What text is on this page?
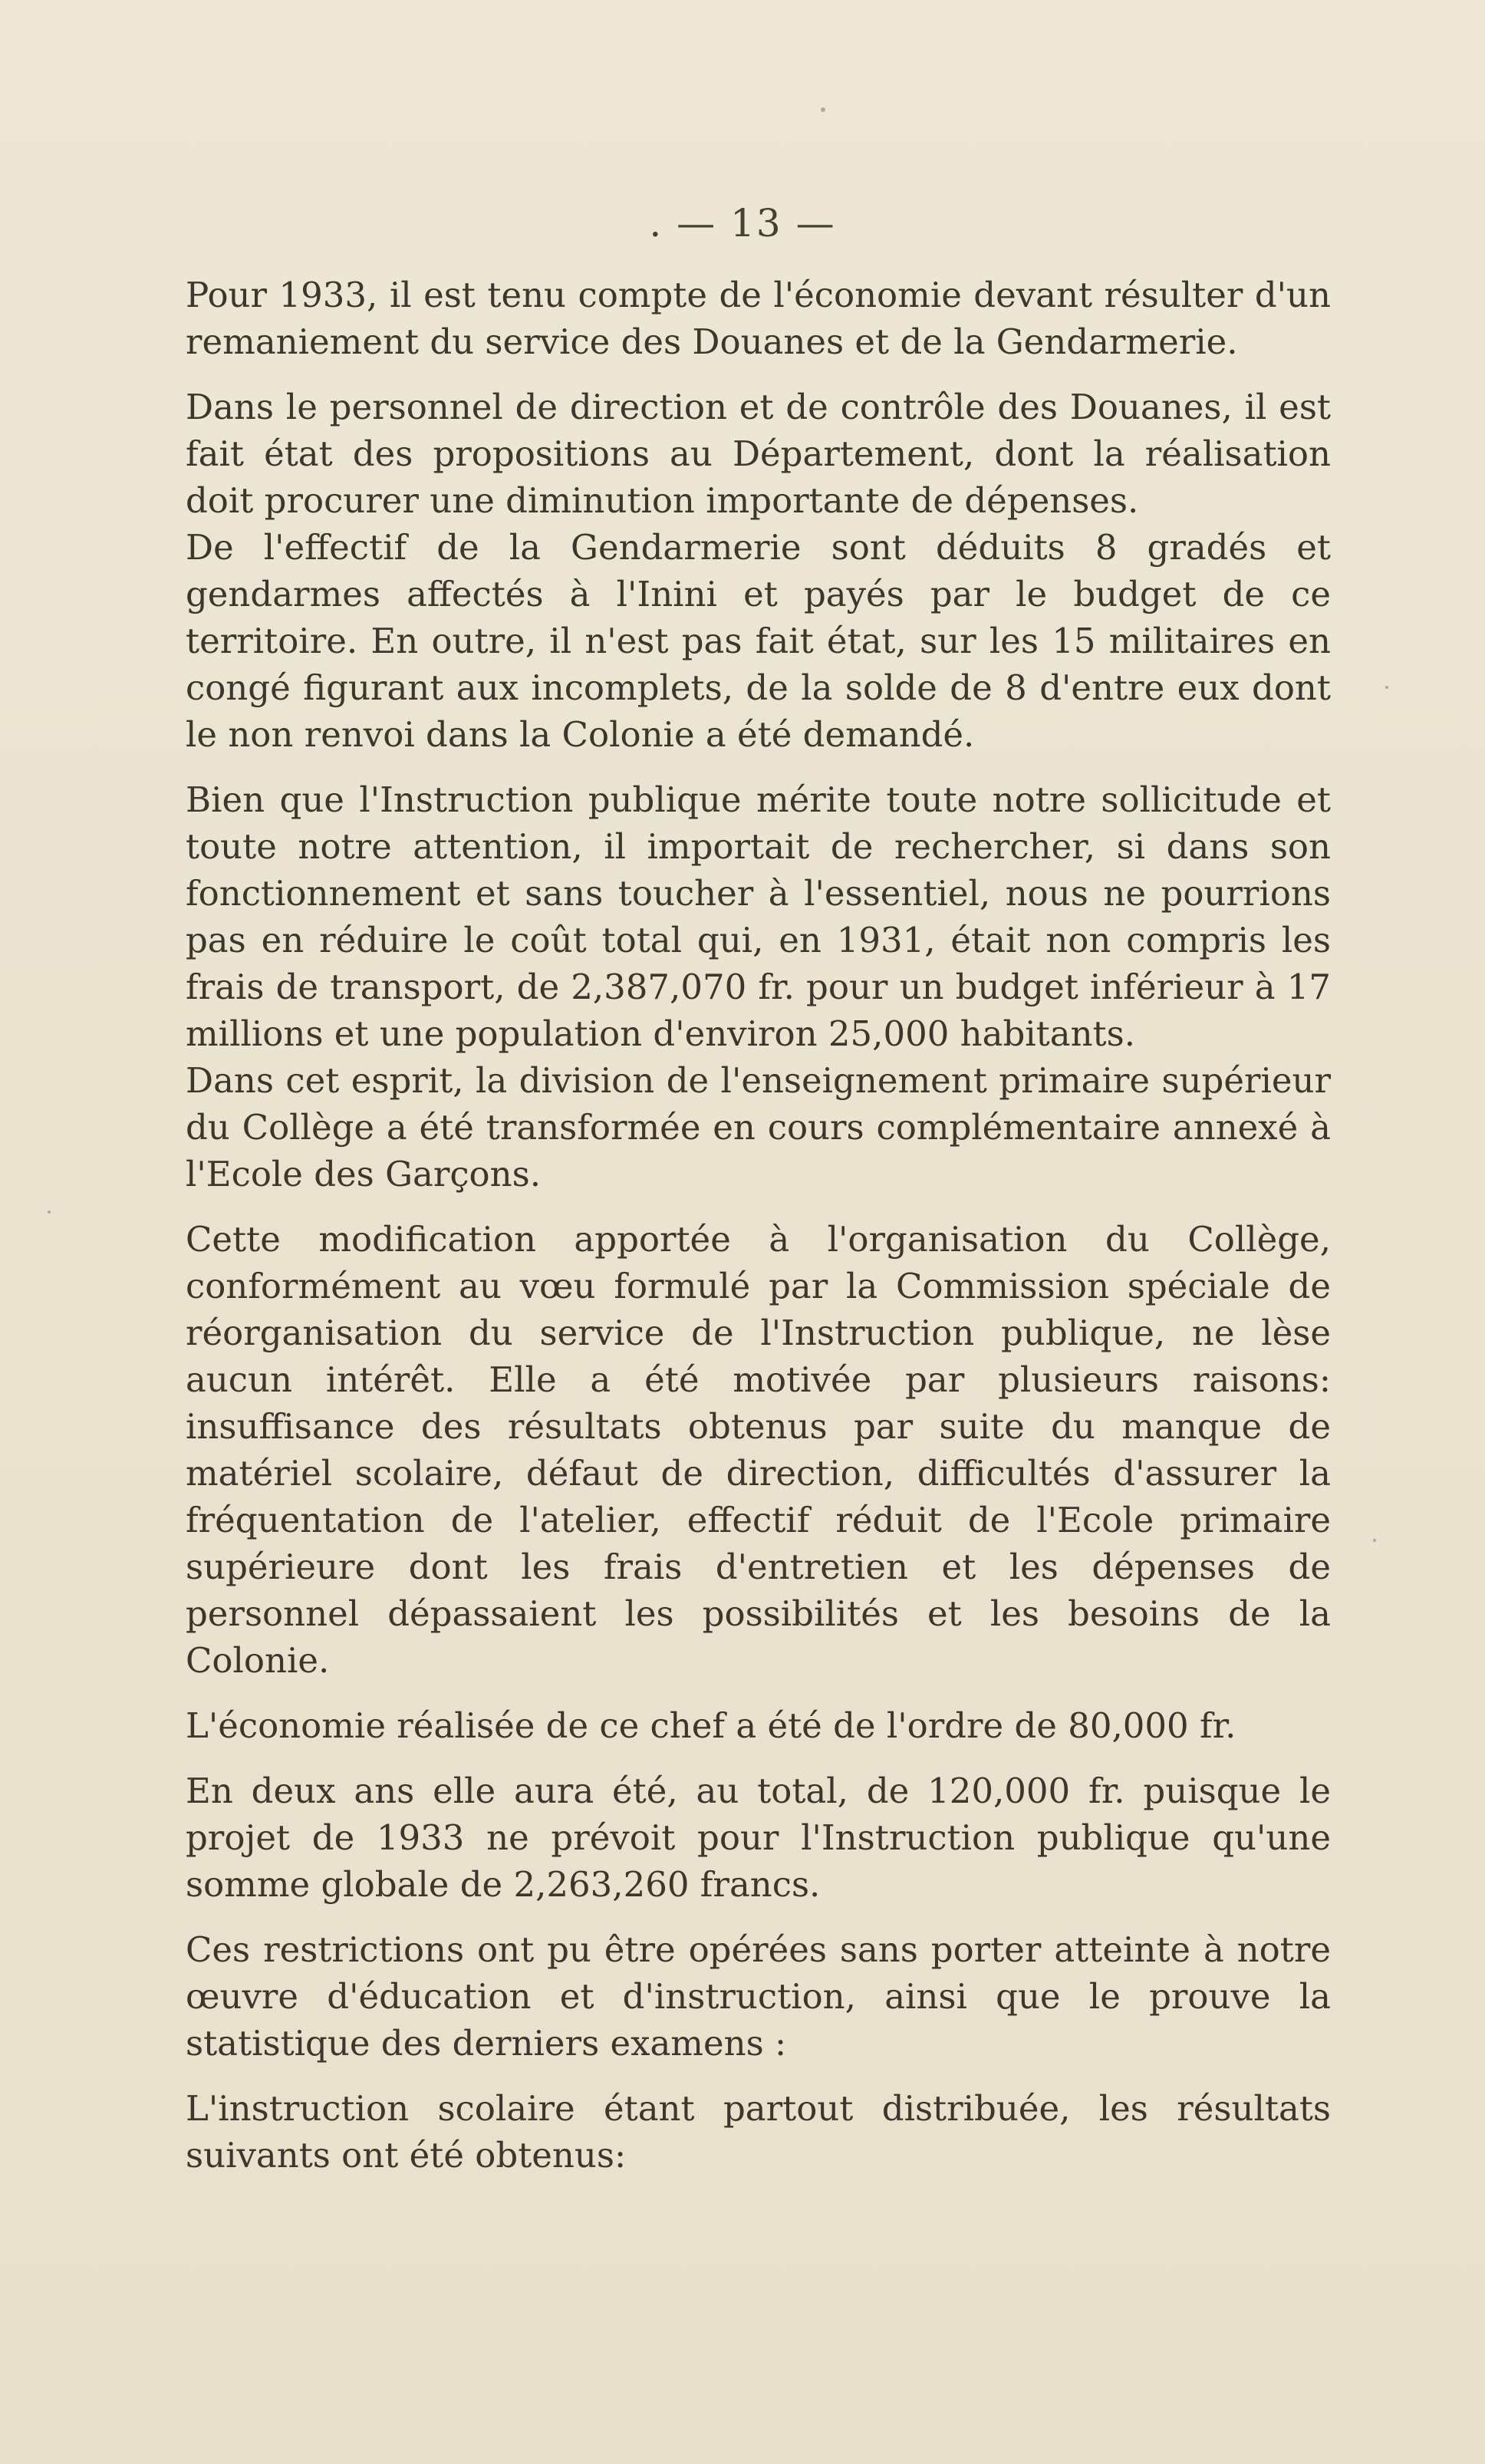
. — 13 —

Pour 1933, il est tenu compte de l'économie devant résulter d'un remaniement du service des Douanes et de la Gendarmerie.

Dans le personnel de direction et de contrôle des Douanes, il est fait état des propositions au Département, dont la réalisation doit procurer une diminution importante de dépenses.

De l'effectif de la Gendarmerie sont déduits 8 gradés et gendarmes affectés à l'Inini et payés par le budget de ce territoire. En outre, il n'est pas fait état, sur les 15 militaires en congé figurant aux incomplets, de la solde de 8 d'entre eux dont le non renvoi dans la Colonie a été demandé.

Bien que l'Instruction publique mérite toute notre sollicitude et toute notre attention, il importait de rechercher, si dans son fonctionnement et sans toucher à l'essentiel, nous ne pourrions pas en réduire le coût total qui, en 1931, était non compris les frais de transport, de 2,387,070 fr. pour un budget inférieur à 17 millions et une population d'environ 25,000 habitants.

Dans cet esprit, la division de l'enseignement primaire supérieur du Collège a été transformée en cours complémentaire annexé à l'Ecole des Garçons.

Cette modification apportée à l'organisation du Collège, conformément au vœu formulé par la Commission spéciale de réorganisation du service de l'Instruction publique, ne lèse aucun intérêt. Elle a été motivée par plusieurs raisons: insuffisance des résultats obtenus par suite du manque de matériel scolaire, défaut de direction, difficultés d'assurer la fréquentation de l'atelier, effectif réduit de l'Ecole primaire supérieure dont les frais d'entretien et les dépenses de personnel dépassaient les possibilités et les besoins de la Colonie.

L'économie réalisée de ce chef a été de l'ordre de 80,000 fr.

En deux ans elle aura été, au total, de 120,000 fr. puisque le projet de 1933 ne prévoit pour l'Instruction publique qu'une somme globale de 2,263,260 francs.

Ces restrictions ont pu être opérées sans porter atteinte à notre œuvre d'éducation et d'instruction, ainsi que le prouve la statistique des derniers examens :

L'instruction scolaire étant partout distribuée, les résultats suivants ont été obtenus:
